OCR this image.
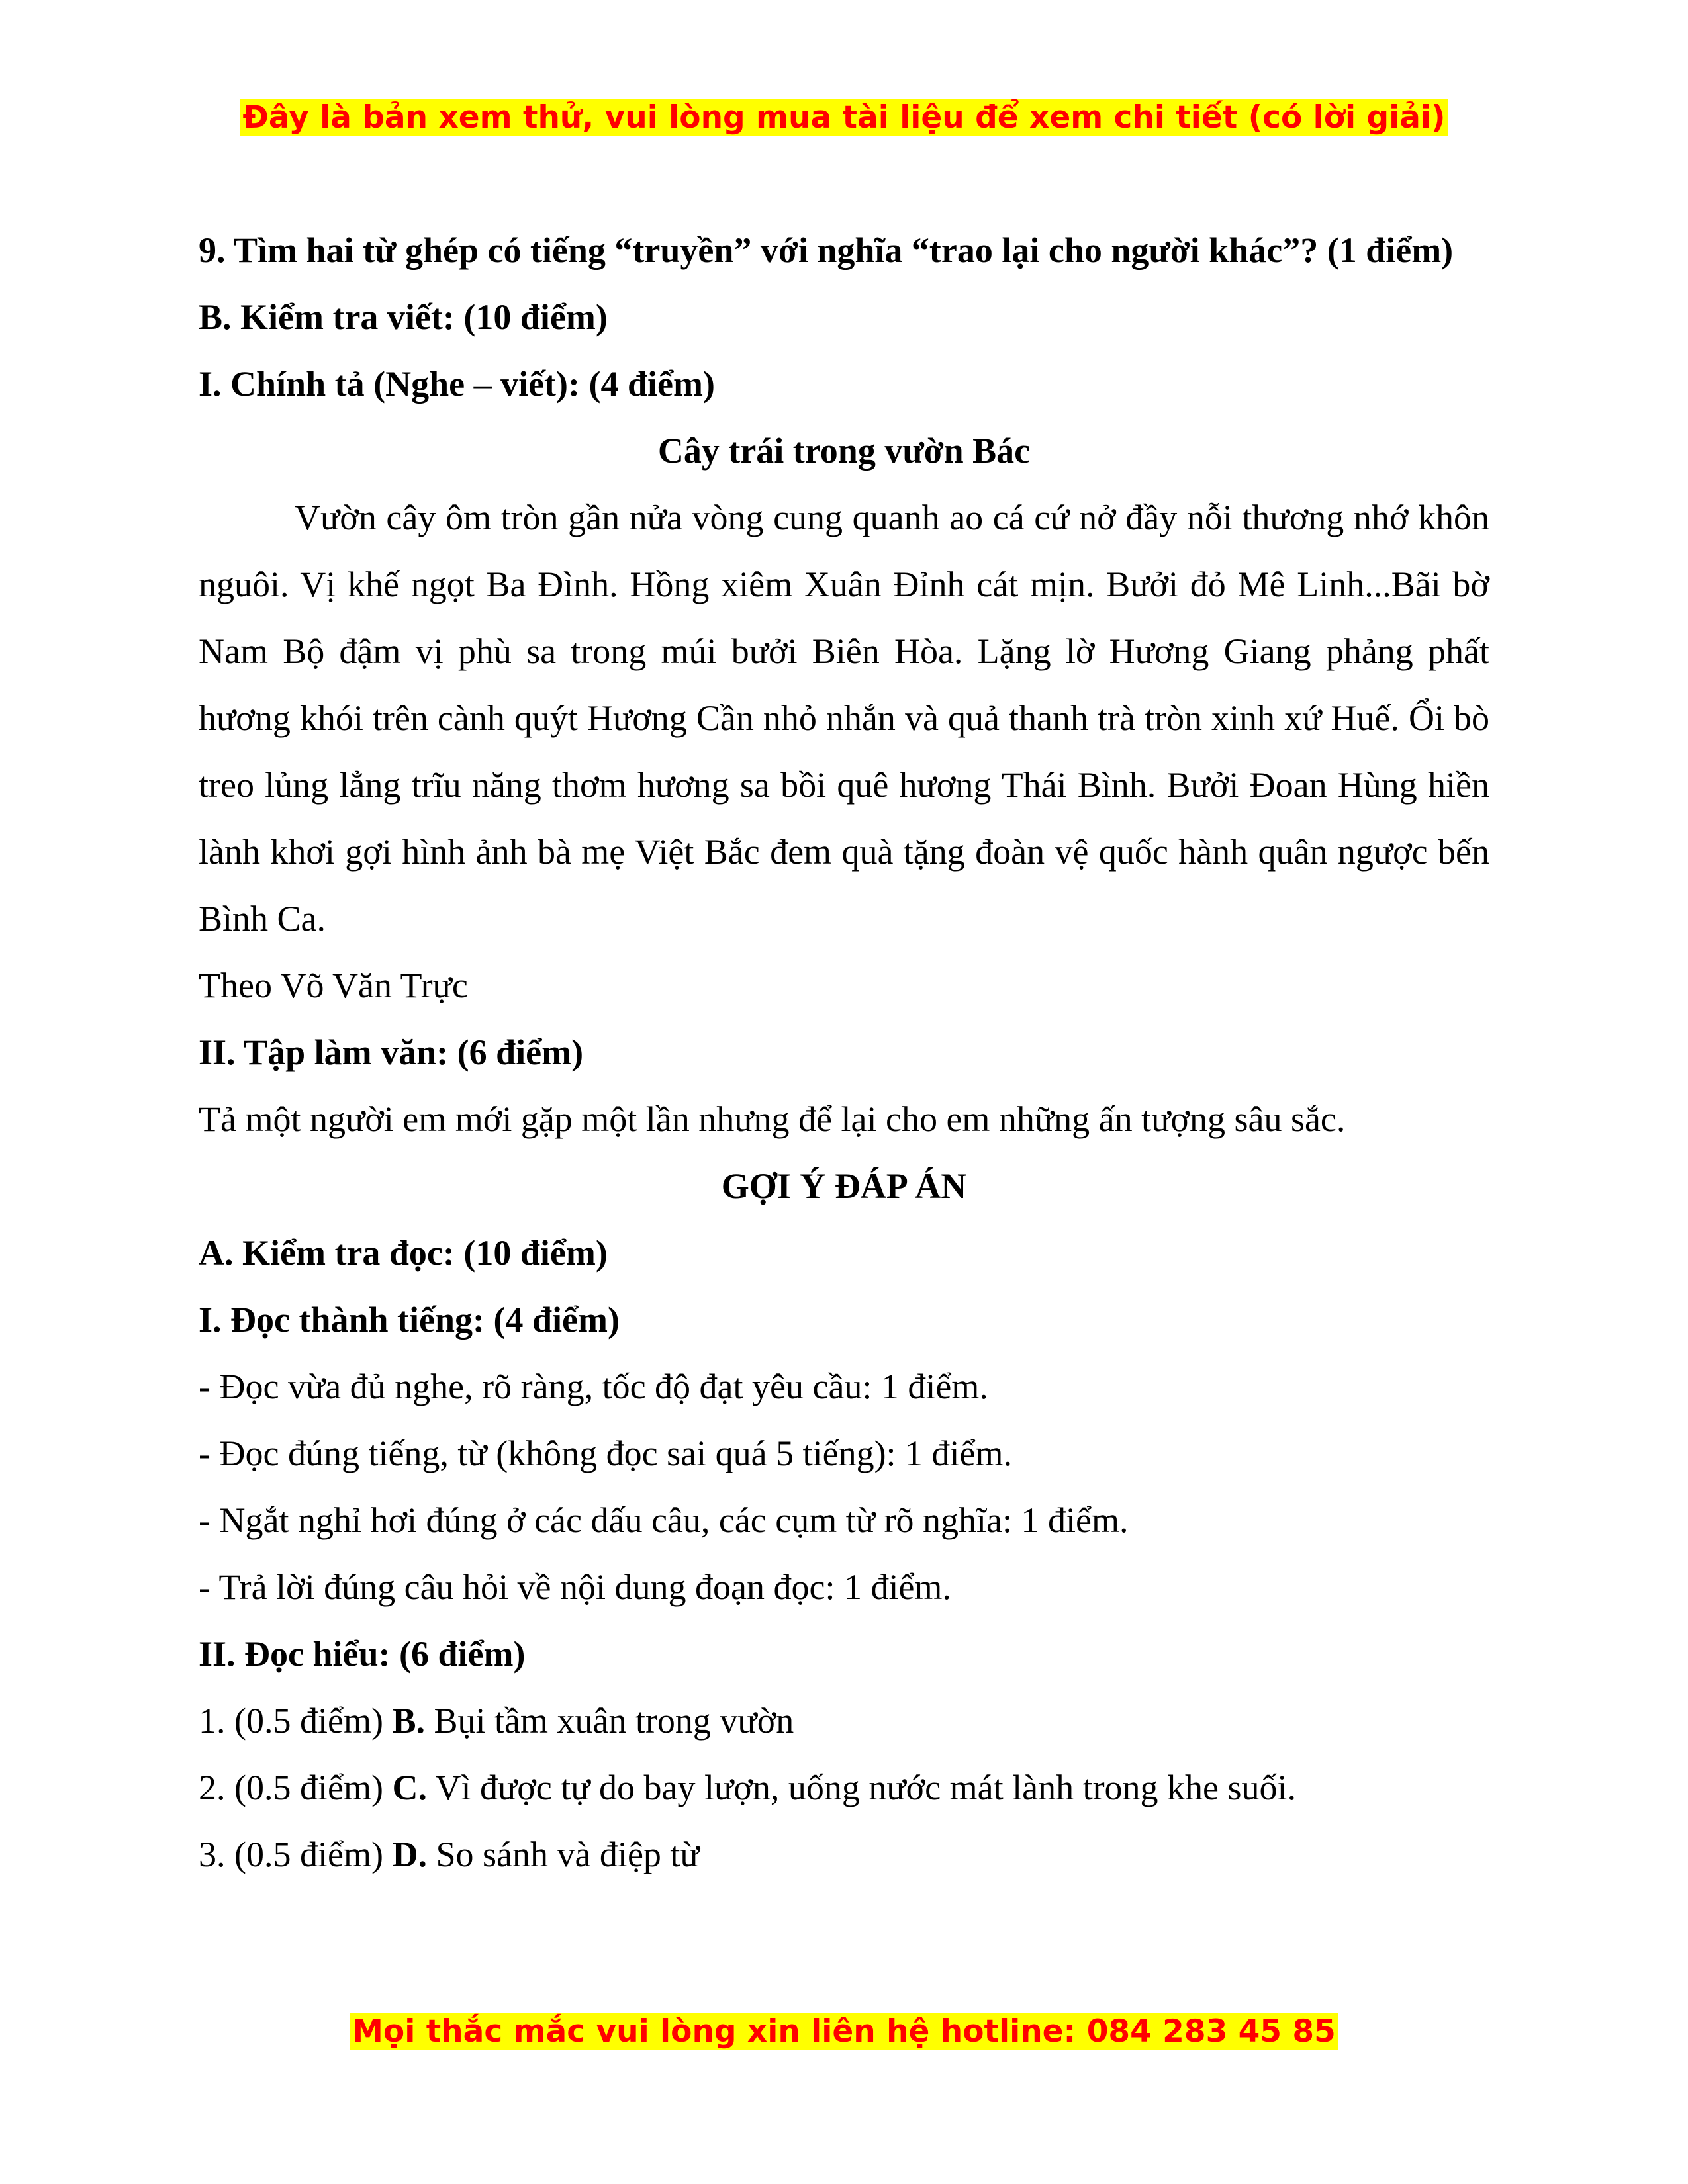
Đây là bản xem thử, vui lòng mua tài liệu để xem chi tiết (có lời giải)

9. Tìm hai từ ghép có tiếng “truyền” với nghĩa “trao lại cho người khác”? (1 điểm)

B. Kiểm tra viết: (10 điểm)

I. Chính tả (Nghe – viết): (4 điểm)

Cây trái trong vườn Bác

Vườn cây ôm tròn gần nửa vòng cung quanh ao cá cứ nở đầy nỗi thương nhớ khôn nguôi. Vị khế ngọt Ba Đình. Hồng xiêm Xuân Đỉnh cát mịn. Bưởi đỏ Mê Linh...Bãi bờ Nam Bộ đậm vị phù sa trong múi bưởi Biên Hòa. Lặng lờ Hương Giang phảng phất hương khói trên cành quýt Hương Cần nhỏ nhắn và quả thanh trà tròn xinh xứ Huế. Ổi bò treo lủng lẳng trĩu năng thơm hương sa bồi quê hương Thái Bình. Bưởi Đoan Hùng hiền lành khơi gợi hình ảnh bà mẹ Việt Bắc đem quà tặng đoàn vệ quốc hành quân ngược bến Bình Ca.

Theo Võ Văn Trực

II. Tập làm văn: (6 điểm)

Tả một người em mới gặp một lần nhưng để lại cho em những ấn tượng sâu sắc.

GỢI Ý ĐÁP ÁN

A. Kiểm tra đọc: (10 điểm)

I. Đọc thành tiếng: (4 điểm)

- Đọc vừa đủ nghe, rõ ràng, tốc độ đạt yêu cầu: 1 điểm.

- Đọc đúng tiếng, từ (không đọc sai quá 5 tiếng): 1 điểm.

- Ngắt nghỉ hơi đúng ở các dấu câu, các cụm từ rõ nghĩa: 1 điểm.

- Trả lời đúng câu hỏi về nội dung đoạn đọc: 1 điểm.

II. Đọc hiểu: (6 điểm)

1. (0.5 điểm) B. Bụi tầm xuân trong vườn

2. (0.5 điểm) C. Vì được tự do bay lượn, uống nước mát lành trong khe suối.

3. (0.5 điểm) D. So sánh và điệp từ

Mọi thắc mắc vui lòng xin liên hệ hotline: 084 283 45 85
